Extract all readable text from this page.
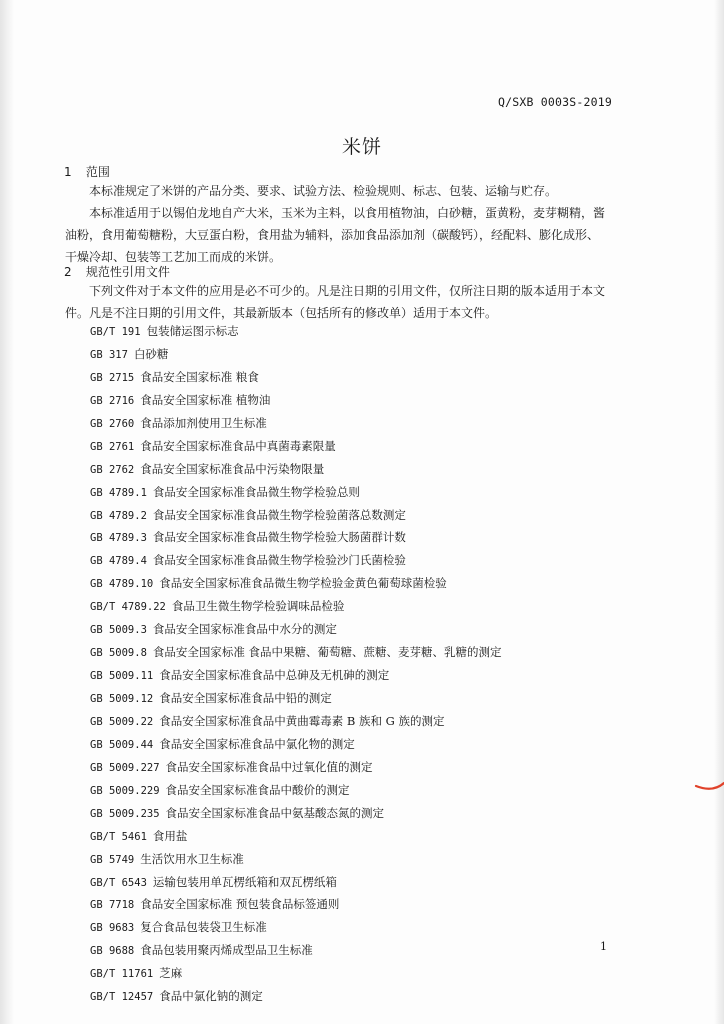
Q/SXB 0003S-2019
米饼
1 范围
本标准规定了米饼的产品分类、要求、试验方法、检验规则、标志、包装、运输与贮存。
本标准适用于以锡伯龙地自产大米，玉米为主料，以食用植物油，白砂糖，蛋黄粉，麦芽糊精，酱油粉，食用葡萄糖粉，大豆蛋白粉，食用盐为辅料，添加食品添加剂（碳酸钙），经配料、膨化成形、干燥冷却、包装等工艺加工而成的米饼。
2 规范性引用文件
下列文件对于本文件的应用是必不可少的。凡是注日期的引用文件，仅所注日期的版本适用于本文件。凡是不注日期的引用文件，其最新版本（包括所有的修改单）适用于本文件。
GB/T 191 包装储运图示标志
GB 317 白砂糖
GB 2715 食品安全国家标准 粮食
GB 2716 食品安全国家标准 植物油
GB 2760 食品添加剂使用卫生标准
GB 2761 食品安全国家标准食品中真菌毒素限量
GB 2762 食品安全国家标准食品中污染物限量
GB 4789.1 食品安全国家标准食品微生物学检验总则
GB 4789.2 食品安全国家标准食品微生物学检验菌落总数测定
GB 4789.3 食品安全国家标准食品微生物学检验大肠菌群计数
GB 4789.4 食品安全国家标准食品微生物学检验沙门氏菌检验
GB 4789.10 食品安全国家标准食品微生物学检验金黄色葡萄球菌检验
GB/T 4789.22 食品卫生微生物学检验调味品检验
GB 5009.3 食品安全国家标准食品中水分的测定
GB 5009.8 食品安全国家标准 食品中果糖、葡萄糖、蔗糖、麦芽糖、乳糖的测定
GB 5009.11 食品安全国家标准食品中总砷及无机砷的测定
GB 5009.12 食品安全国家标准食品中铅的测定
GB 5009.22 食品安全国家标准食品中黄曲霉毒素 B 族和 G 族的测定
GB 5009.44 食品安全国家标准食品中氯化物的测定
GB 5009.227 食品安全国家标准食品中过氧化值的测定
GB 5009.229 食品安全国家标准食品中酸价的测定
GB 5009.235 食品安全国家标准食品中氨基酸态氮的测定
GB/T 5461 食用盐
GB 5749 生活饮用水卫生标准
GB/T 6543 运输包装用单瓦楞纸箱和双瓦楞纸箱
GB 7718 食品安全国家标准 预包装食品标签通则
GB 9683 复合食品包装袋卫生标准
GB 9688 食品包装用聚丙烯成型品卫生标准
GB/T 11761 芝麻
GB/T 12457 食品中氯化钠的测定
1
